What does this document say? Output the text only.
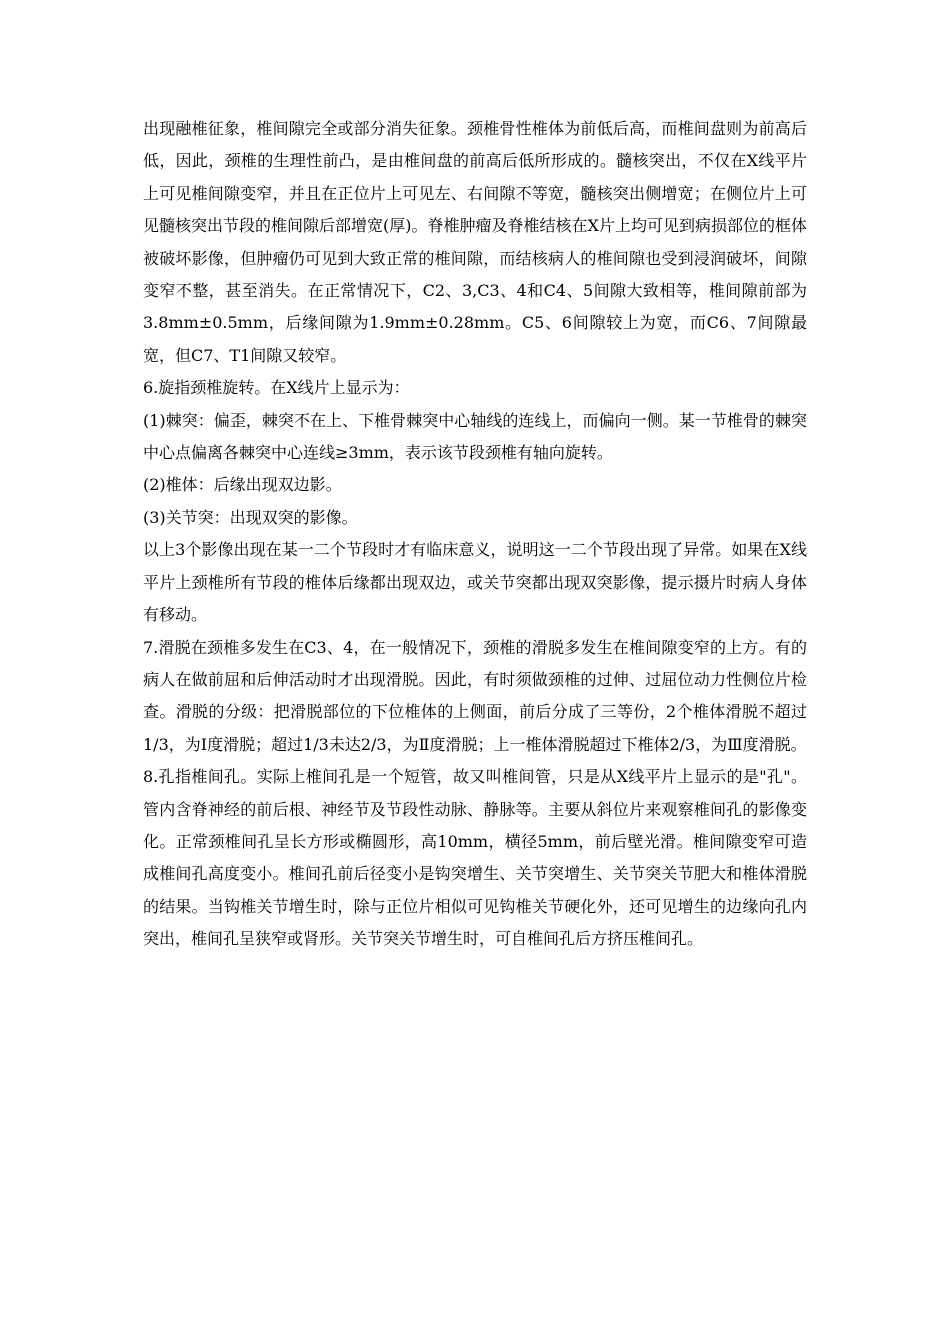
出现融椎征象，椎间隙完全或部分消失征象。颈椎骨性椎体为前低后高，而椎间盘则为前高后低，因此，颈椎的生理性前凸，是由椎间盘的前高后低所形成的。髓核突出，不仅在X线平片上可见椎间隙变窄，并且在正位片上可见左、右间隙不等宽，髓核突出侧增宽；在侧位片上可见髓核突出节段的椎间隙后部增宽(厚)。脊椎肿瘤及脊椎结核在X片上均可见到病损部位的框体被破坏影像，但肿瘤仍可见到大致正常的椎间隙，而结核病人的椎间隙也受到浸润破坏，间隙变窄不整，甚至消失。在正常情况下，C2、3,C3、4和C4、5间隙大致相等，椎间隙前部为3.8mm±0.5mm，后缘间隙为1.9mm±0.28mm。C5、6间隙较上为宽，而C6、7间隙最宽，但C7、T1间隙又较窄。

6.旋指颈椎旋转。在X线片上显示为：

(1)棘突：偏歪，棘突不在上、下椎骨棘突中心轴线的连线上，而偏向一侧。某一节椎骨的棘突中心点偏离各棘突中心连线≥3mm，表示该节段颈椎有轴向旋转。

(2)椎体：后缘出现双边影。

(3)关节突：出现双突的影像。

以上3个影像出现在某一二个节段时才有临床意义，说明这一二个节段出现了异常。如果在X线平片上颈椎所有节段的椎体后缘都出现双边，或关节突都出现双突影像，提示摄片时病人身体有移动。

7.滑脱在颈椎多发生在C3、4，在一般情况下，颈椎的滑脱多发生在椎间隙变窄的上方。有的病人在做前屈和后伸活动时才出现滑脱。因此，有时须做颈椎的过伸、过屈位动力性侧位片检查。滑脱的分级：把滑脱部位的下位椎体的上侧面，前后分成了三等份，2个椎体滑脱不超过1/3，为Ⅰ度滑脱；超过1/3未达2/3，为Ⅱ度滑脱；上一椎体滑脱超过下椎体2/3，为Ⅲ度滑脱。

8.孔指椎间孔。实际上椎间孔是一个短管，故又叫椎间管，只是从X线平片上显示的是"孔"。管内含脊神经的前后根、神经节及节段性动脉、静脉等。主要从斜位片来观察椎间孔的影像变化。正常颈椎间孔呈长方形或椭圆形，高10mm，横径5mm，前后壁光滑。椎间隙变窄可造成椎间孔高度变小。椎间孔前后径变小是钩突增生、关节突增生、关节突关节肥大和椎体滑脱的结果。当钩椎关节增生时，除与正位片相似可见钩椎关节硬化外，还可见增生的边缘向孔内突出，椎间孔呈狭窄或肾形。关节突关节增生时，可自椎间孔后方挤压椎间孔。
